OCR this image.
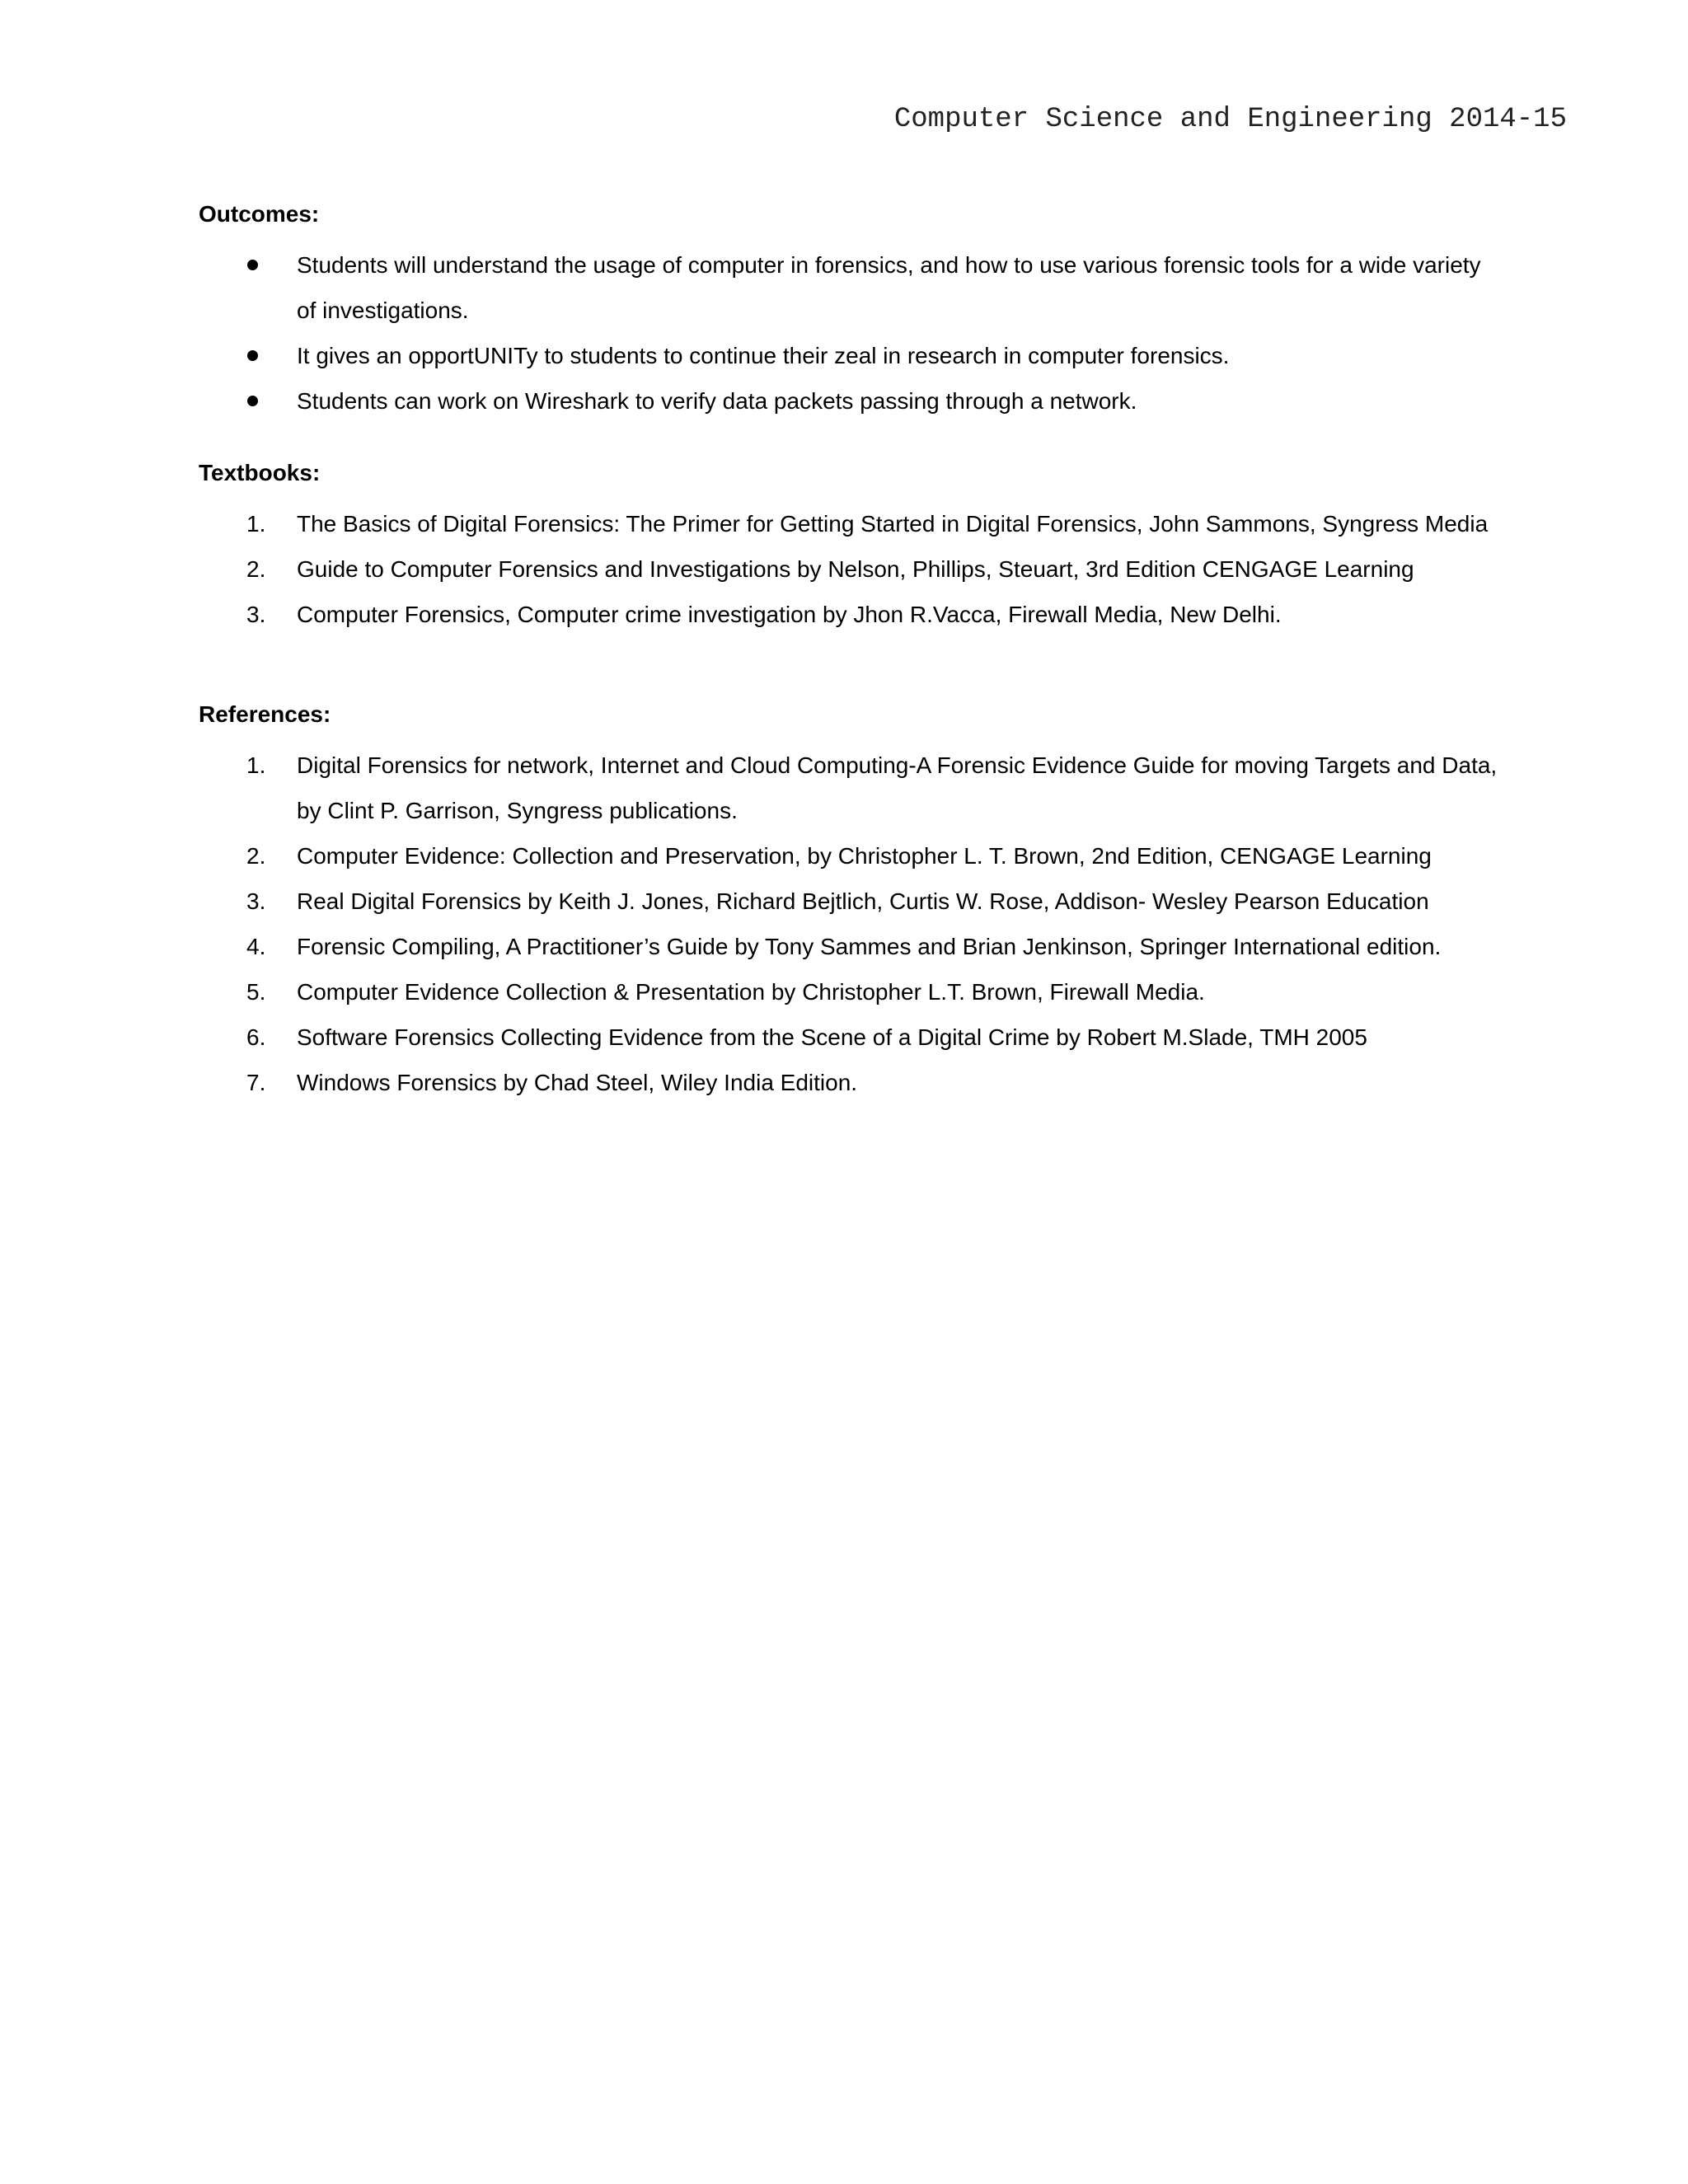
Computer Science and Engineering 2014-15
Outcomes:
Students will understand the usage of computer in forensics, and how to use various forensic tools for a wide variety of investigations.
It gives an opportUNITy to students to continue their zeal in research in computer forensics.
Students can work on Wireshark to verify data packets passing through a network.
Textbooks:
1.	The Basics of Digital Forensics: The Primer for Getting Started in Digital Forensics, John Sammons, Syngress Media
2.	Guide to Computer Forensics and Investigations by Nelson, Phillips, Steuart, 3rd Edition CENGAGE Learning
3.	Computer Forensics, Computer crime investigation by Jhon R.Vacca, Firewall Media, New Delhi.
References:
1.	Digital Forensics for network, Internet and Cloud Computing-A Forensic Evidence Guide for moving Targets and Data, by Clint P. Garrison, Syngress publications.
2.	Computer Evidence: Collection and Preservation, by Christopher L. T. Brown, 2nd Edition, CENGAGE Learning
3.	Real Digital Forensics by Keith J. Jones, Richard Bejtlich, Curtis W. Rose, Addison- Wesley Pearson Education
4.	Forensic Compiling, A Practitioner’s Guide by Tony Sammes and Brian Jenkinson, Springer International edition.
5.	Computer Evidence Collection & Presentation by Christopher L.T. Brown, Firewall Media.
6.	Software Forensics Collecting Evidence from the Scene of a Digital Crime by Robert M.Slade, TMH 2005
7.	Windows Forensics by Chad Steel, Wiley India Edition.
